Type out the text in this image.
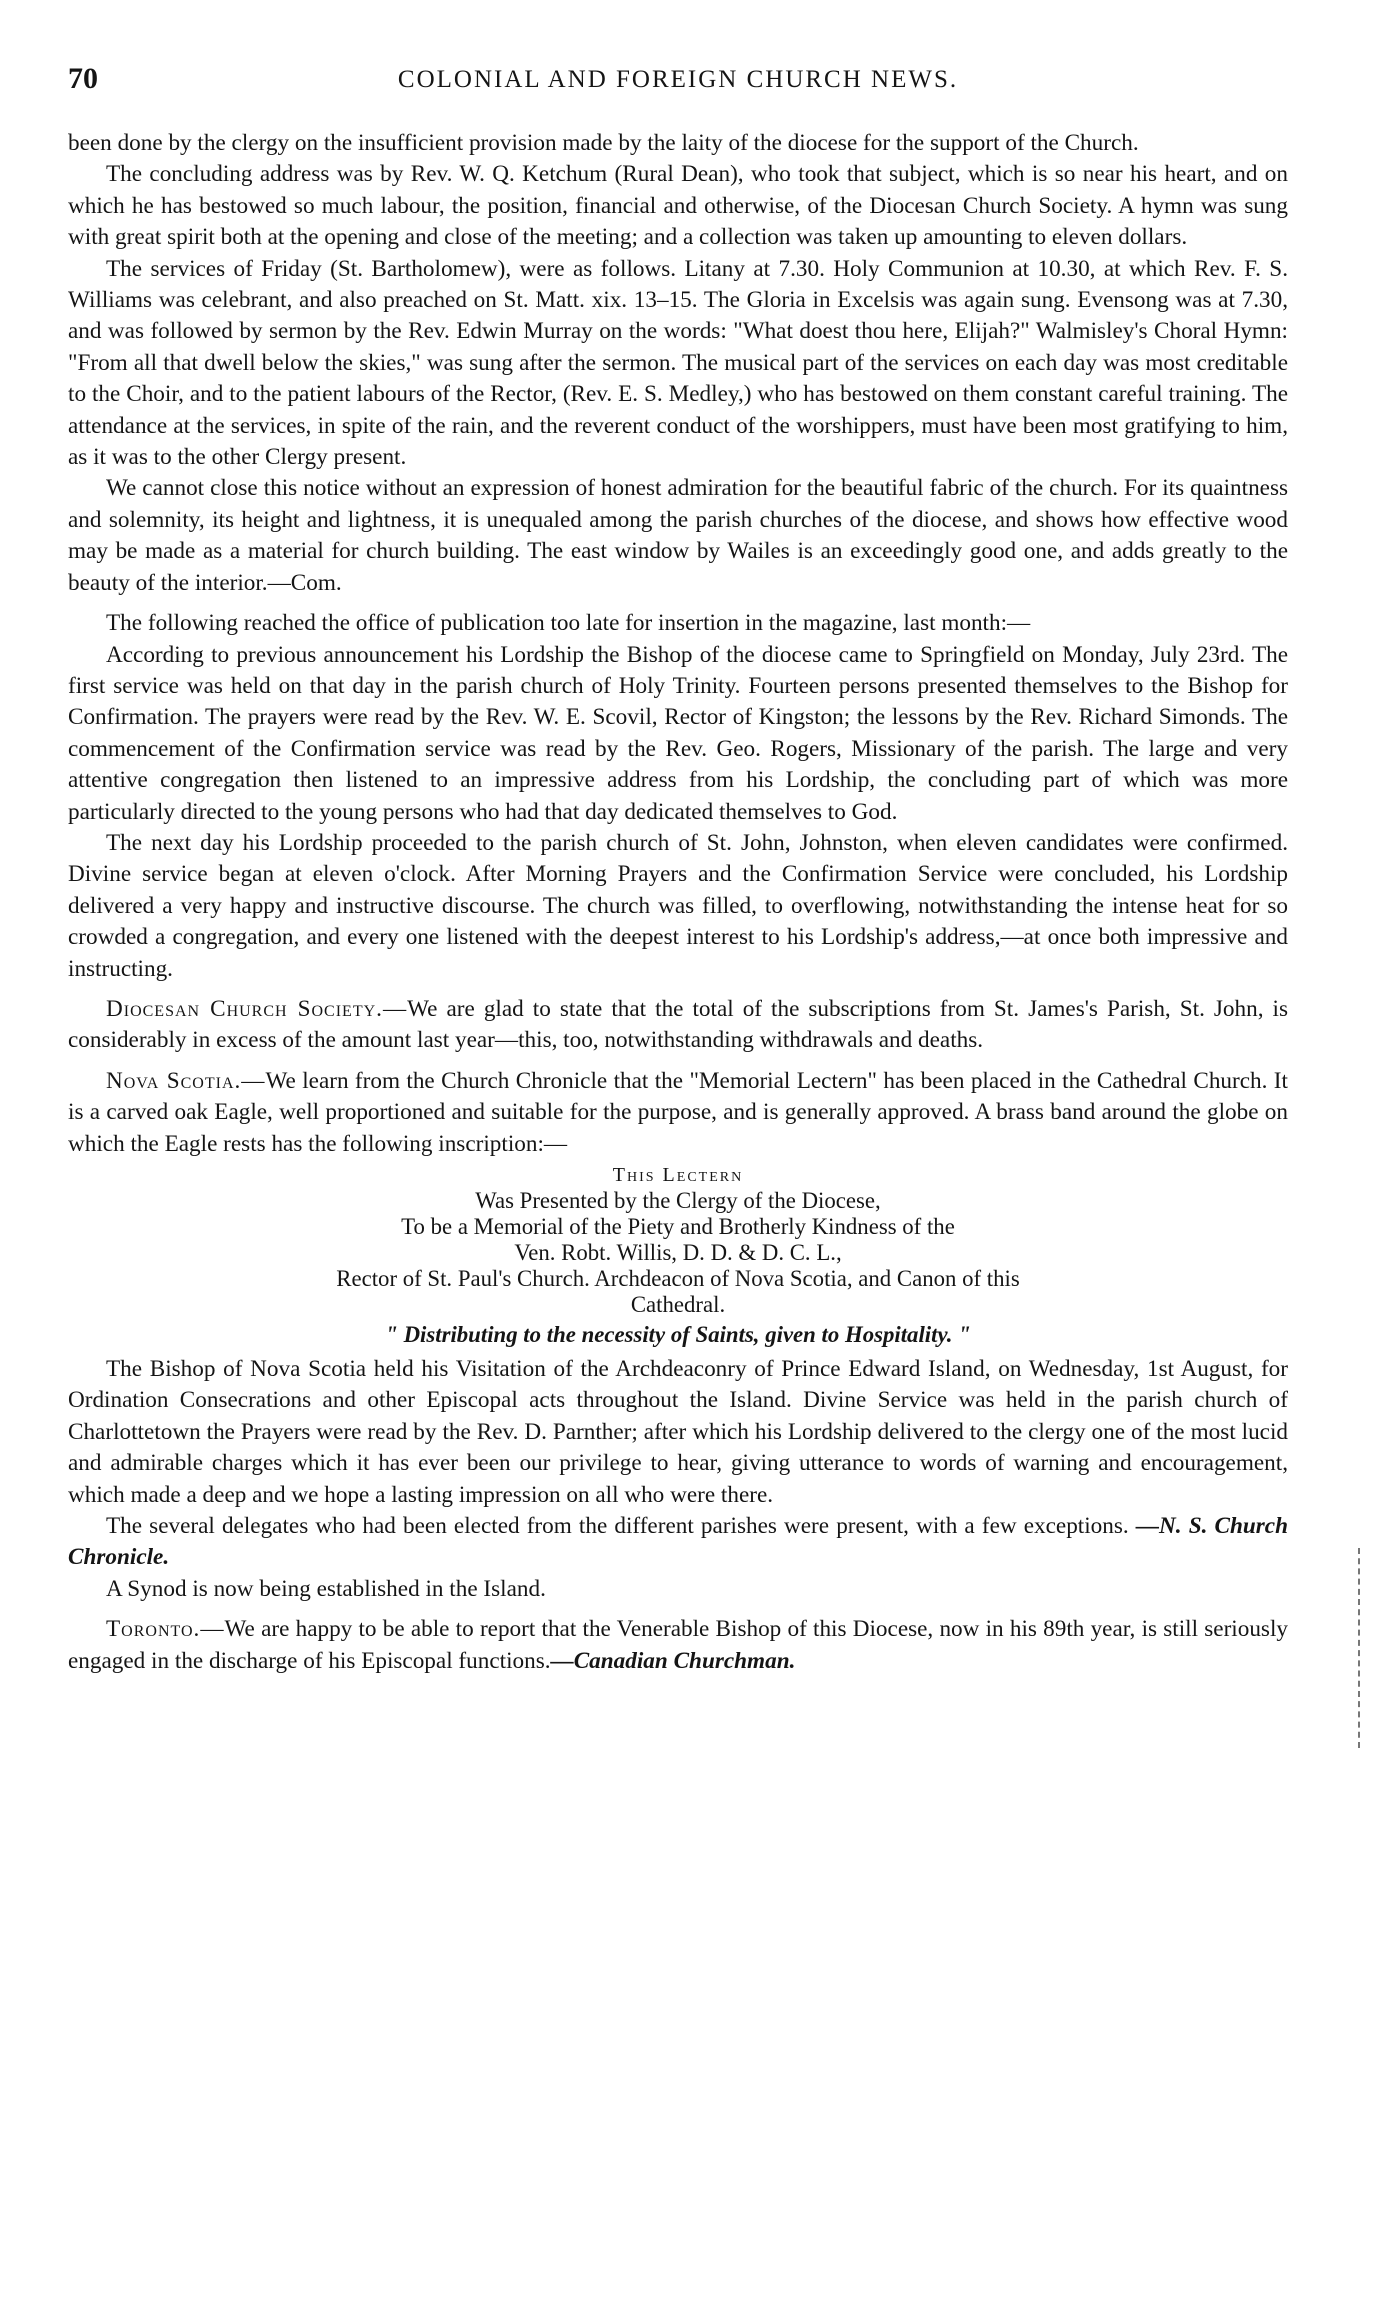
70	COLONIAL AND FOREIGN CHURCH NEWS.

been done by the clergy on the insufficient provision made by the laity of the diocese for the support of the Church.

The concluding address was by Rev. W. Q. Ketchum (Rural Dean), who took that subject, which is so near his heart, and on which he has bestowed so much labour, the position, financial and otherwise, of the Diocesan Church Society. A hymn was sung with great spirit both at the opening and close of the meeting; and a collection was taken up amounting to eleven dollars.

The services of Friday (St. Bartholomew), were as follows. Litany at 7.30. Holy Communion at 10.30, at which Rev. F. S. Williams was celebrant, and also preached on St. Matt. xix. 13–15. The Gloria in Excelsis was again sung. Evensong was at 7.30, and was followed by sermon by the Rev. Edwin Murray on the words: "What doest thou here, Elijah?" Walmisley's Choral Hymn: "From all that dwell below the skies," was sung after the sermon. The musical part of the services on each day was most creditable to the Choir, and to the patient labours of the Rector, (Rev. E. S. Medley,) who has bestowed on them constant careful training. The attendance at the services, in spite of the rain, and the reverent conduct of the worshippers, must have been most gratifying to him, as it was to the other Clergy present.

We cannot close this notice without an expression of honest admiration for the beautiful fabric of the church. For its quaintness and solemnity, its height and lightness, it is unequaled among the parish churches of the diocese, and shows how effective wood may be made as a material for church building. The east window by Wailes is an exceedingly good one, and adds greatly to the beauty of the interior.—Com.

The following reached the office of publication too late for insertion in the magazine, last month:—

According to previous announcement his Lordship the Bishop of the diocese came to Springfield on Monday, July 23rd. The first service was held on that day in the parish church of Holy Trinity. Fourteen persons presented themselves to the Bishop for Confirmation. The prayers were read by the Rev. W. E. Scovil, Rector of Kingston; the lessons by the Rev. Richard Simonds. The commencement of the Confirmation service was read by the Rev. Geo. Rogers, Missionary of the parish. The large and very attentive congregation then listened to an impressive address from his Lordship, the concluding part of which was more particularly directed to the young persons who had that day dedicated themselves to God.

The next day his Lordship proceeded to the parish church of St. John, Johnston, when eleven candidates were confirmed. Divine service began at eleven o'clock. After Morning Prayers and the Confirmation Service were concluded, his Lordship delivered a very happy and instructive discourse. The church was filled, to overflowing, notwithstanding the intense heat for so crowded a congregation, and every one listened with the deepest interest to his Lordship's address,—at once both impressive and instructing.

Diocesan Church Society.—We are glad to state that the total of the subscriptions from St. James's Parish, St. John, is considerably in excess of the amount last year—this, too, notwithstanding withdrawals and deaths.

Nova Scotia.—We learn from the Church Chronicle that the "Memorial Lectern" has been placed in the Cathedral Church. It is a carved oak Eagle, well proportioned and suitable for the purpose, and is generally approved. A brass band around the globe on which the Eagle rests has the following inscription:—

This Lectern
Was Presented by the Clergy of the Diocese,
To be a Memorial of the Piety and Brotherly Kindness of the
Ven. Robt. Willis, D. D. & D. C. L.,
Rector of St. Paul's Church. Archdeacon of Nova Scotia, and Canon of this
Cathedral.
" Distributing to the necessity of Saints, given to Hospitality. "

The Bishop of Nova Scotia held his Visitation of the Archdeaconry of Prince Edward Island, on Wednesday, 1st August, for Ordination Consecrations and other Episcopal acts throughout the Island. Divine Service was held in the parish church of Charlottetown the Prayers were read by the Rev. D. Parnther; after which his Lordship delivered to the clergy one of the most lucid and admirable charges which it has ever been our privilege to hear, giving utterance to words of warning and encouragement, which made a deep and we hope a lasting impression on all who were there.

The several delegates who had been elected from the different parishes were present, with a few exceptions. —N. S. Church Chronicle.

A Synod is now being established in the Island.

Toronto.—We are happy to be able to report that the Venerable Bishop of this Diocese, now in his 89th year, is still seriously engaged in the discharge of his Episcopal functions.—Canadian Churchman.
